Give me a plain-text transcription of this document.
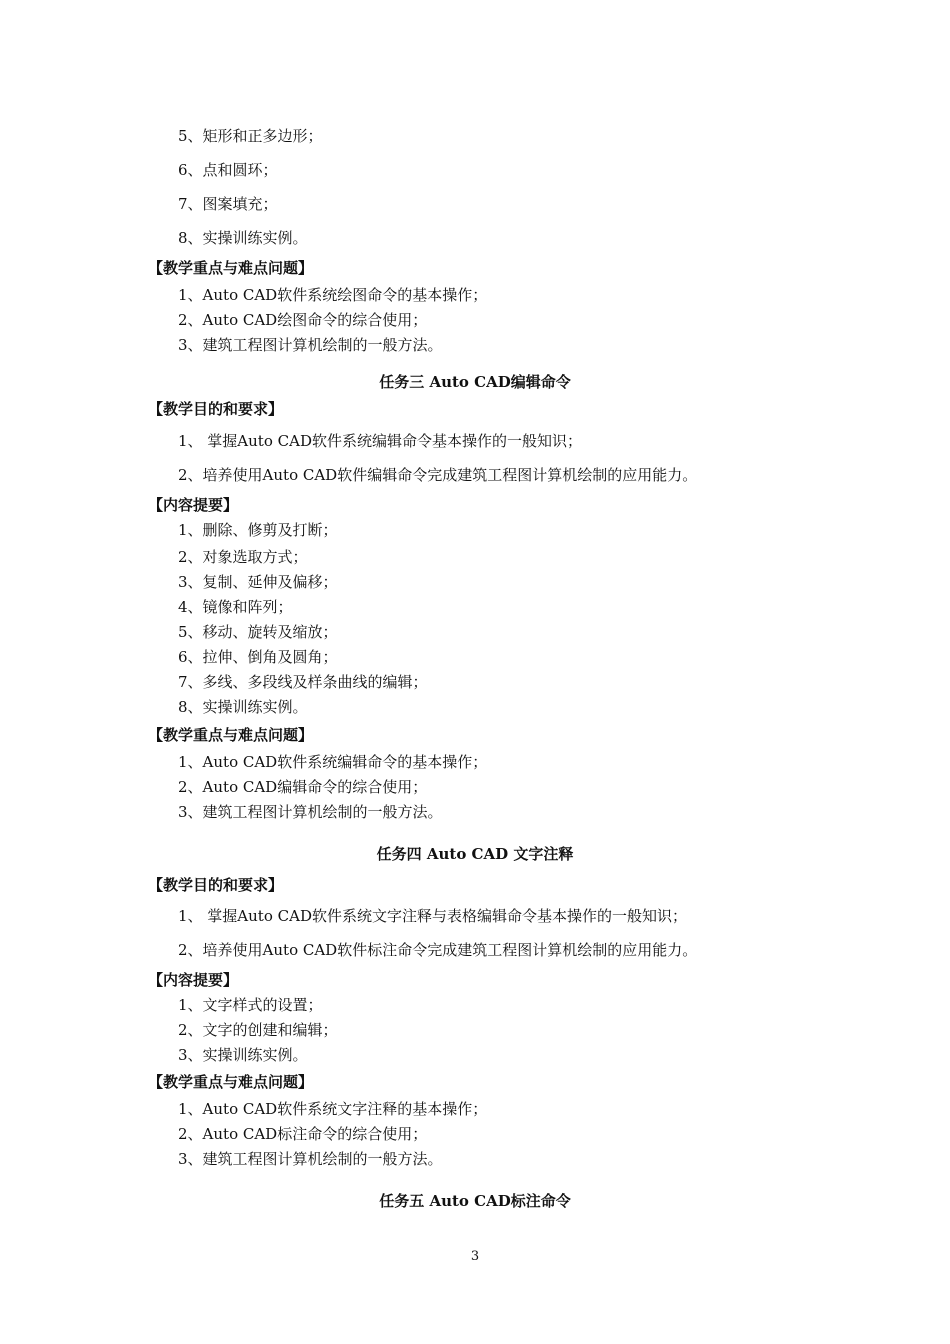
5、矩形和正多边形；
6、点和圆环；
7、图案填充；
8、实操训练实例。
【教学重点与难点问题】
1、Auto CAD软件系统绘图命令的基本操作；
2、Auto CAD绘图命令的综合使用；
3、建筑工程图计算机绘制的一般方法。
任务三 Auto CAD编辑命令
【教学目的和要求】
1、 掌握Auto CAD软件系统编辑命令基本操作的一般知识；
2、培养使用Auto CAD软件编辑命令完成建筑工程图计算机绘制的应用能力。
【内容提要】
1、删除、修剪及打断；
2、对象选取方式；
3、复制、延伸及偏移；
4、镜像和阵列；
5、移动、旋转及缩放；
6、拉伸、倒角及圆角；
7、多线、多段线及样条曲线的编辑；
8、实操训练实例。
【教学重点与难点问题】
1、Auto CAD软件系统编辑命令的基本操作；
2、Auto CAD编辑命令的综合使用；
3、建筑工程图计算机绘制的一般方法。
任务四 Auto CAD 文字注释
【教学目的和要求】
1、 掌握Auto CAD软件系统文字注释与表格编辑命令基本操作的一般知识；
2、培养使用Auto CAD软件标注命令完成建筑工程图计算机绘制的应用能力。
【内容提要】
1、文字样式的设置；
2、文字的创建和编辑；
3、实操训练实例。
【教学重点与难点问题】
1、Auto CAD软件系统文字注释的基本操作；
2、Auto CAD标注命令的综合使用；
3、建筑工程图计算机绘制的一般方法。
任务五 Auto CAD标注命令
3
